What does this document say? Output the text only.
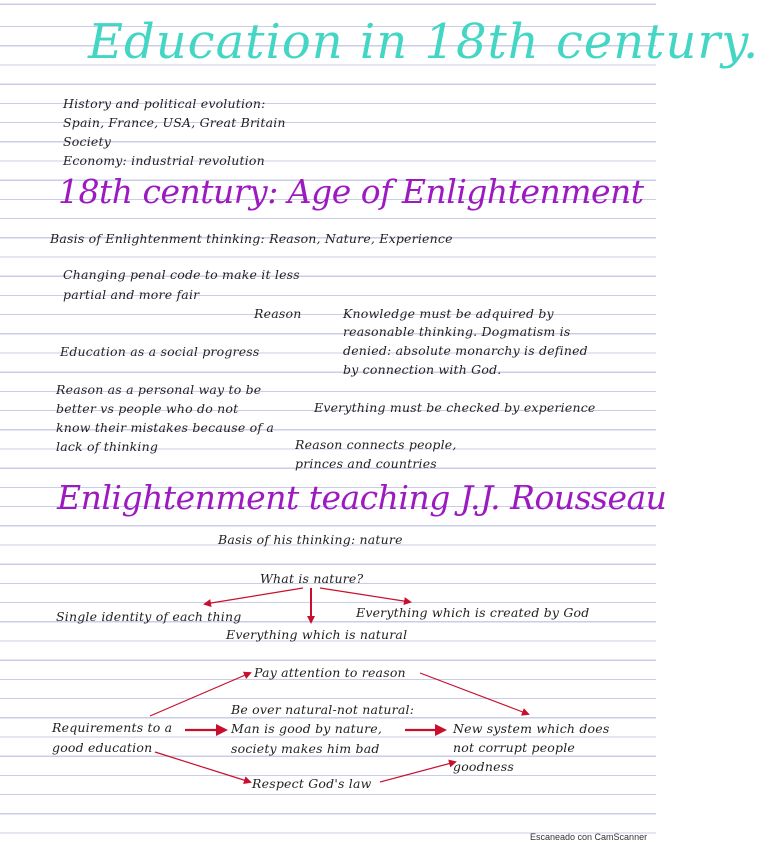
Education in 18th century.
History and political evolution:
Spain, France, USA, Great Britain
Society
Economy: industrial revolution
18th century: Age of Enlightenment
Basis of Enlightenment thinking: Reason, Nature, Experience
Changing penal code to make it less
partial and more fair
Reason	Knowledge must be adquired by
reasonable thinking. Dogmatism is
denied: absolute monarchy is defined
by connection with God.
Education as a social progress
Reason as a personal way to be
better vs people who do not
know their mistakes because of a
lack of thinking
Everything must be checked by experience
Reason connects people,
princes and countries
Enlightenment teaching J.J. Rousseau
Basis of his thinking: nature
What is nature?
Single identity of each thing	Everything which is created by God
Everything which is natural
Pay attention to reason
Requirements to a
good education
Be over natural-not natural:
Man is good by nature,
society makes him bad
New system which does
not corrupt people
goodness
Respect God's law
Escaneado con CamScanner
